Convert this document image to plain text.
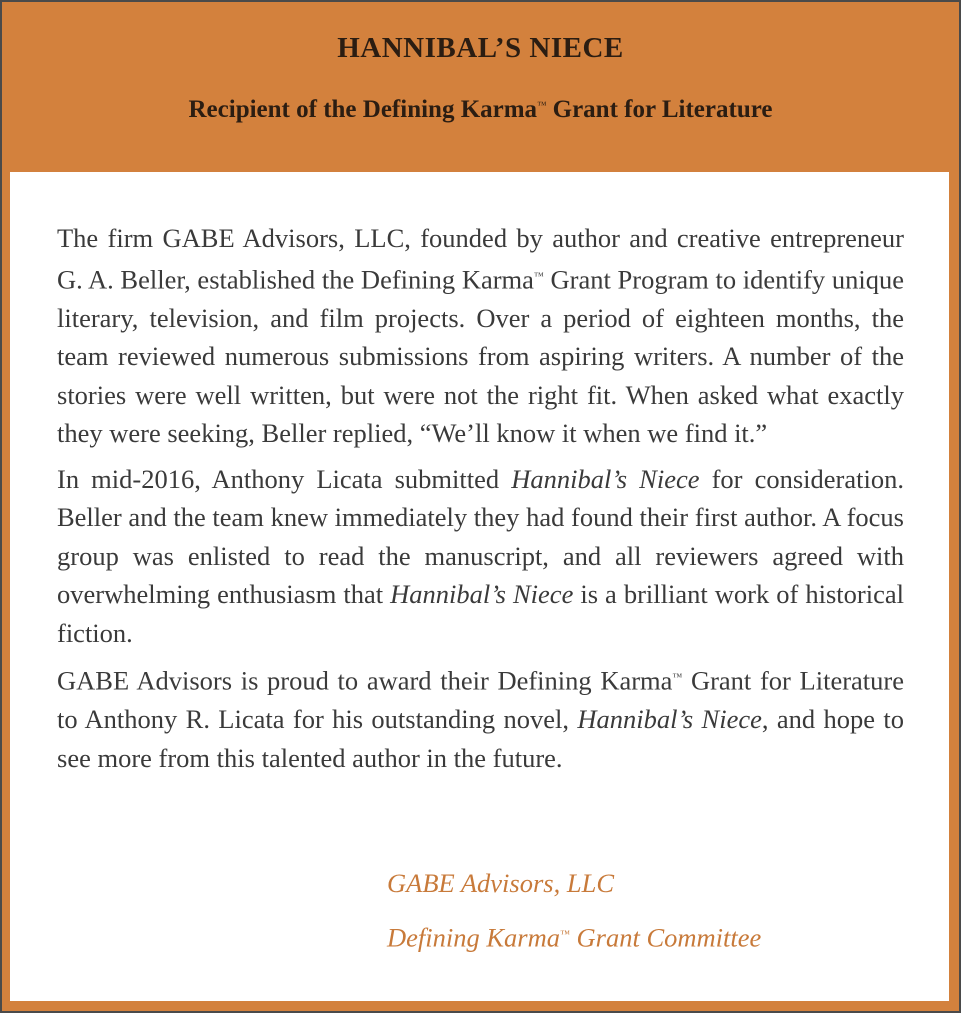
HANNIBAL’S NIECE
Recipient of the Defining Karma™ Grant for Literature

The firm GABE Advisors, LLC, founded by author and creative entrepreneur G. A. Beller, established the Defining Karma™ Grant Program to identify unique literary, television, and film projects. Over a period of eighteen months, the team reviewed numerous submissions from aspiring writers. A number of the stories were well written, but were not the right fit. When asked what exactly they were seeking, Beller replied, “We’ll know it when we find it.”

In mid-2016, Anthony Licata submitted Hannibal’s Niece for consideration. Beller and the team knew immediately they had found their first author. A focus group was enlisted to read the manuscript, and all reviewers agreed with overwhelming enthusiasm that Hannibal’s Niece is a brilliant work of historical fiction.

GABE Advisors is proud to award their Defining Karma™ Grant for Literature to Anthony R. Licata for his outstanding novel, Hannibal’s Niece, and hope to see more from this talented author in the future.

GABE Advisors, LLC
Defining Karma™ Grant Committee
